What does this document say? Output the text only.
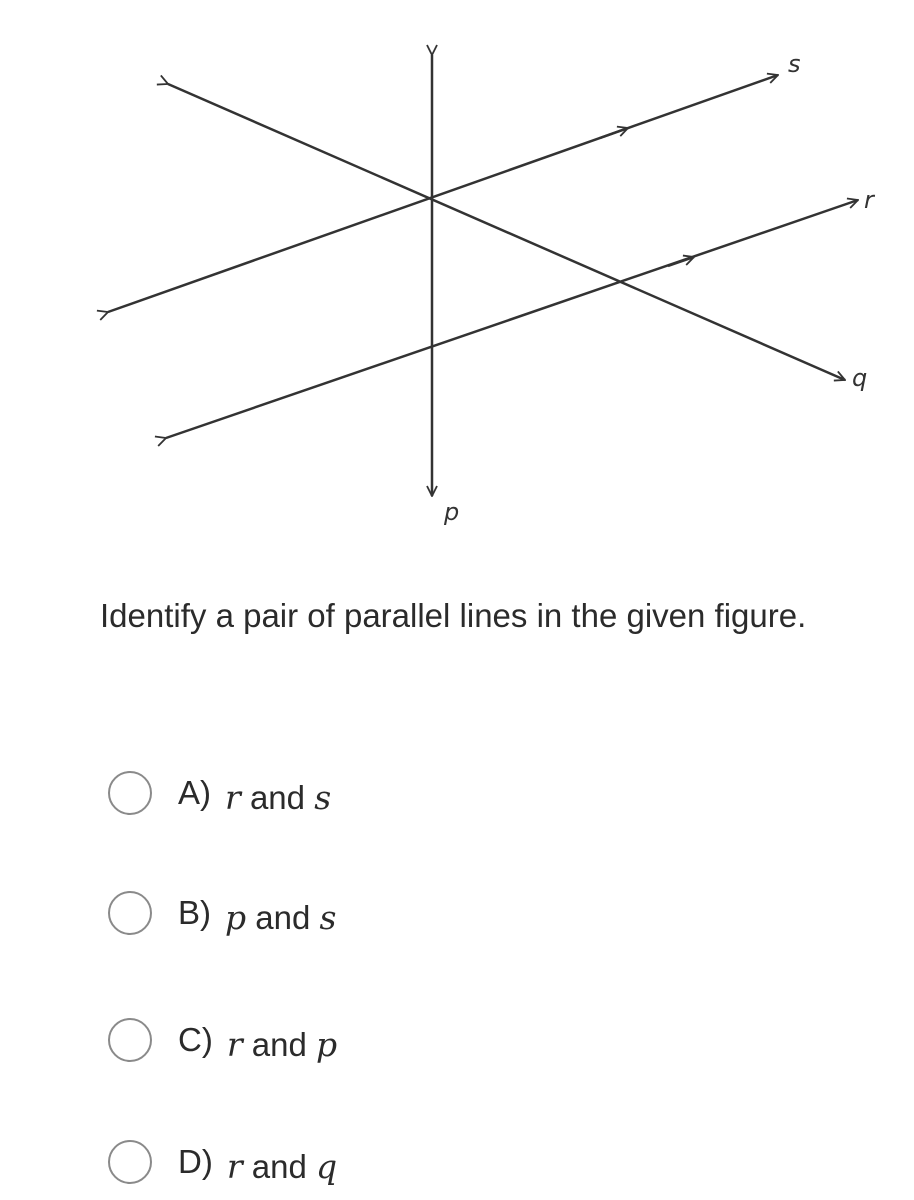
s
r
q
p
Identify a pair of parallel lines in the given figure.
A) r and s
B) p and s
C) r and p
D) r and q
